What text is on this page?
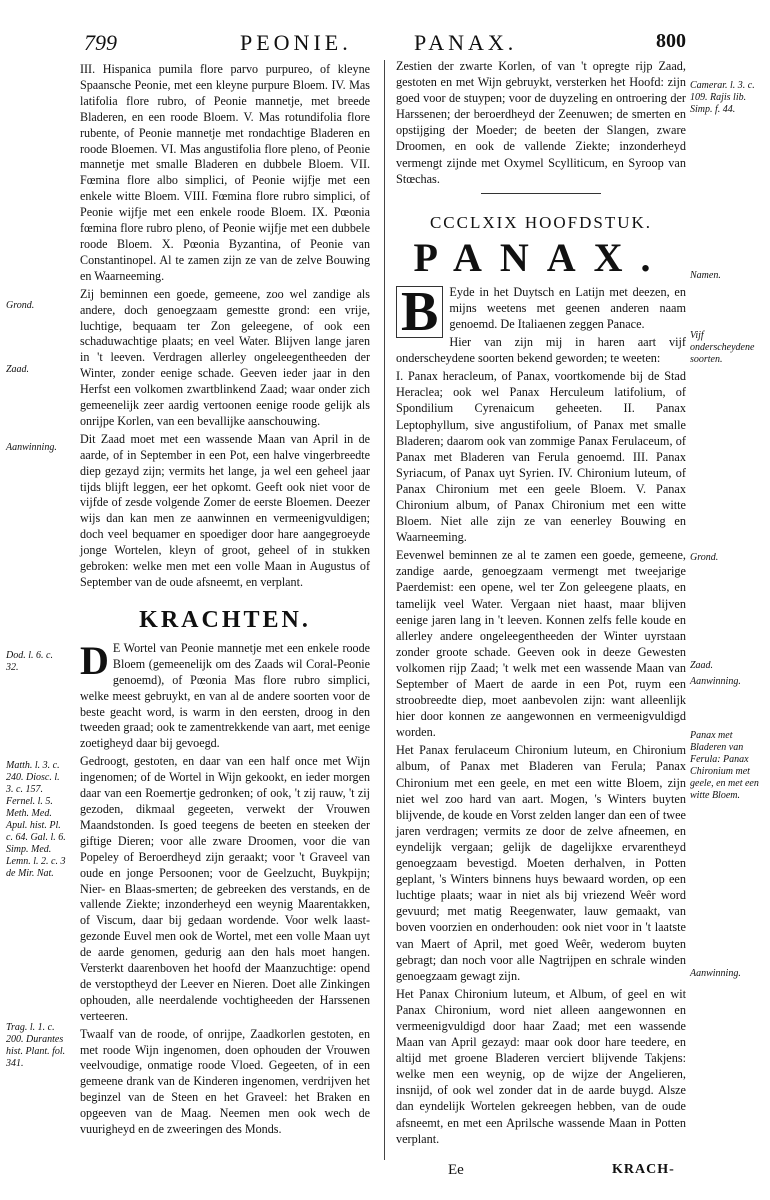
799	PEONIE.	PANAX.	800

III. Hispanica pumila flore parvo purpureo, of kleyne Spaansche Peonie, met een kleyne purpure Bloem. IV. Mas latifolia flore rubro, of Peonie mannetje, met breede Bladeren, en een roode Bloem. V. Mas rotundifolia flore rubente, of Peonie mannetje met rondachtige Bladeren en roode Bloemen. VI. Mas angustifolia flore pleno, of Peonie mannetje met smalle Bladeren en dubbele Bloem. VII. Fœmina flore albo simplici, of Peonie wijfje met een enkele witte Bloem. VIII. Fœmina flore rubro simplici, of Peonie wijfje met een enkele roode Bloem. IX. Pœonia fœmina flore rubro pleno, of Peonie wijfje met een dubbele roode Bloem. X. Pœonia Byzantina, of Peonie van Constantinopel. Al te zamen zijn ze van de zelve Bouwing en Waarneeming.

Zij beminnen een goede, gemeene, zoo wel zandige als andere, doch genoegzaam gemestte grond: een vrije, luchtige, bequaam ter Zon geleegene, of ook een schaduwachtige plaats; en veel Water. Blijven lange jaren in 't leeven. Verdragen allerley ongeleegentheeden der Winter, zonder eenige schade. Geeven ieder jaar in den Herfst een volkomen zwartblinkend Zaad; waar onder zich gemeenelijk zeer aardig vertoonen eenige roode gelijk als onrijpe Korlen, van een bevallijke aanschouwing.

Dit Zaad moet met een wassende Maan van April in de aarde, of in September in een Pot, een halve vingerbreedte diep gezayd zijn; vermits het lange, ja wel een geheel jaar tijds blijft leggen, eer het opkomt. Geeft ook niet voor de vijfde of zesde volgende Zomer de eerste Bloemen. Deezer wijs dan kan men ze aanwinnen en vermeenigvuldigen; doch veel bequamer en spoediger door hare aangegroeyde jonge Wortelen, kleyn of groot, geheel of in stukken gebroken: welke men met een volle Maan in Augustus of September van de oude afsneemt, en verplant.

KRACHTEN.

D E Wortel van Peonie mannetje met een enkele roode Bloem (gemeenelijk om des Zaads wil Coral-Peonie genoemd), of Pœonia Mas flore rubro simplici, welke meest gebruykt, en van al de andere soorten voor de beste geacht word, is warm in den eersten, droog in den tweeden graad; ook te zamentrekkende van aart, met eenige zoetigheyd daar bij gevoegd.

Gedroogt, gestoten, en daar van een half once met Wijn ingenomen; of de Wortel in Wijn gekookt, en ieder morgen daar van een Roemertje gedronken; of ook, 't zij rauw, 't zij gezoden, dikmaal gegeeten, verwekt der Vrouwen Maandstonden. Is goed teegens de beeten en steeken der giftige Dieren; voor alle zware Droomen, voor die van Popeley of Beroerdheyd zijn geraakt; voor 't Graveel van oude en jonge Persoonen; voor de Geelzucht, Buykpijn; Nier- en Blaas-smerten; de gebreeken des verstands, en de vallende Ziekte; inzonderheyd een weynig Maarentakken, of Viscum, daar bij gedaan wordende. Voor welk laast-gezonde Euvel men ook de Wortel, met een volle Maan uyt de aarde genomen, gedurig aan den hals moet hangen. Versterkt daarenboven het hoofd der Maanzuchtige: opend de verstoptheyd der Leever en Nieren. Doet alle Zinkingen ophouden, alle neerdalende vochtigheeden der Harssenen verteeren.

Twaalf van de roode, of onrijpe, Zaadkorlen gestoten, en met roode Wijn ingenomen, doen ophouden der Vrouwen veelvoudige, onmatige roode Vloed. Gegeeten, of in een gemeene drank van de Kinderen ingenomen, verdrijven het beginzel van de Steen en het Graveel: het Braken en opgeeven van de Maag. Neemen men ook wech de vuurigheyd en de zweeringen des Monds.

Grond.
Zaad.
Aanwinning.
Dod. l. 6. c. 32.
Matth. l. 3. c. 240. Diosc. l. 3. c. 157. Fernel. l. 5. Meth. Med. Apul. hist. Pl. c. 64. Gal. l. 6. Simp. Med. Lemn. l. 2. c. 3 de Mir. Nat.
Trag. l. 1. c. 200. Durantes hist. Plant. fol. 341.

Zestien der zwarte Korlen, of van 't opregte rijp Zaad, gestoten en met Wijn gebruykt, versterken het Hoofd: zijn goed voor de stuypen; voor de duyzeling en ontroering der Harssenen; der beroerdheyd der Zeenuwen; de smerten en opstijging der Moeder; de beeten der Slangen, zware Droomen, en ook de vallende Ziekte; inzonderheyd vermengt zijnde met Oxymel Scylliticum, en Syroop van Stœchas.

CCCLXIX HOOFDSTUK.
PANAX.

B Eyde in het Duytsch en Latijn met deezen, en mijns weetens met geenen anderen naam genoemd. De Italiaenen zeggen Panace.

Hier van zijn mij in haren aart vijf onderscheydene soorten bekend geworden; te weeten:

I. Panax heracleum, of Panax, voortkomende bij de Stad Heraclea; ook wel Panax Herculeum latifolium, of Spondilium Cyrenaicum geheeten. II. Panax Leptophyllum, sive angustifolium, of Panax met smalle Bladeren; daarom ook van zommige Panax Ferulaceum, of Panax met Bladeren van Ferula genoemd. III. Panax Syriacum, of Panax uyt Syrien. IV. Chironium luteum, of Panax Chironium met een geele Bloem. V. Panax Chironium album, of Panax Chironium met een witte Bloem. Niet alle zijn ze van eenerley Bouwing en Waarneeming.

Eevenwel beminnen ze al te zamen een goede, gemeene, zandige aarde, genoegzaam vermengt met tweejarige Paerdemist: een opene, wel ter Zon geleegene plaats, en tamelijk veel Water. Vergaan niet haast, maar blijven eenige jaren lang in 't leeven. Konnen zelfs felle koude en allerley andere ongeleegentheeden der Winter uyrstaan zonder groote schade. Geeven ook in deeze Gewesten volkomen rijp Zaad; 't welk met een wassende Maan van September of Maert de aarde in een Pot, ruym een stroobreedte diep, moet aanbevolen zijn: want alleenlijk hier door konnen ze aangewonnen en vermeenigvuldigd worden.

Het Panax ferulaceum Chironium luteum, en Chironium album, of Panax met Bladeren van Ferula; Panax Chironium met een geele, en met een witte Bloem, zijn niet wel zoo hard van aart. Mogen, 's Winters buyten blijvende, de koude en Vorst zelden langer dan een of twee jaren verdragen; vermits ze door de zelve afneemen, en eyndelijk vergaan; gelijk de dagelijkxe ervarentheyd genoegzaam bevestigd. Moeten derhalven, in Potten geplant, 's Winters binnens huys bewaard worden, op een luchtige plaats; waar in niet als bij vriezend Weêr word gevuurd; met matig Reegenwater, lauw gemaakt, van boven voorzien en onderhouden: ook niet voor in 't laatste van Maert of April, met goed Weêr, wederom buyten gebragt; dan noch voor alle Nagtrijpen en schrale winden genoegzaam gewagt zijn.

Het Panax Chironium luteum, et Album, of geel en wit Panax Chironium, word niet alleen aangewonnen en vermeenigvuldigd door haar Zaad; met een wassende Maan van April gezayd: maar ook door hare teedere, en altijd met groene Bladeren verciert blijvende Takjens: welke men een weynig, op de wijze der Angelieren, insnijd, of ook wel zonder dat in de aarde buygd. Alsze dan eyndelijk Wortelen gekreegen hebben, van de oude afsneemt, en met een Aprilsche wassende Maan in Potten verplant.

Camerar. l. 3. c. 109. Rajis lib. Simp. f. 44.
Namen.
Vijf onderscheydene soorten.
Grond.
Zaad.
Aanwinning.
Panax met Bladeren van Ferula: Panax Chironium met geele, en met een witte Bloem.
Aanwinning.
Ee	KRACH-
